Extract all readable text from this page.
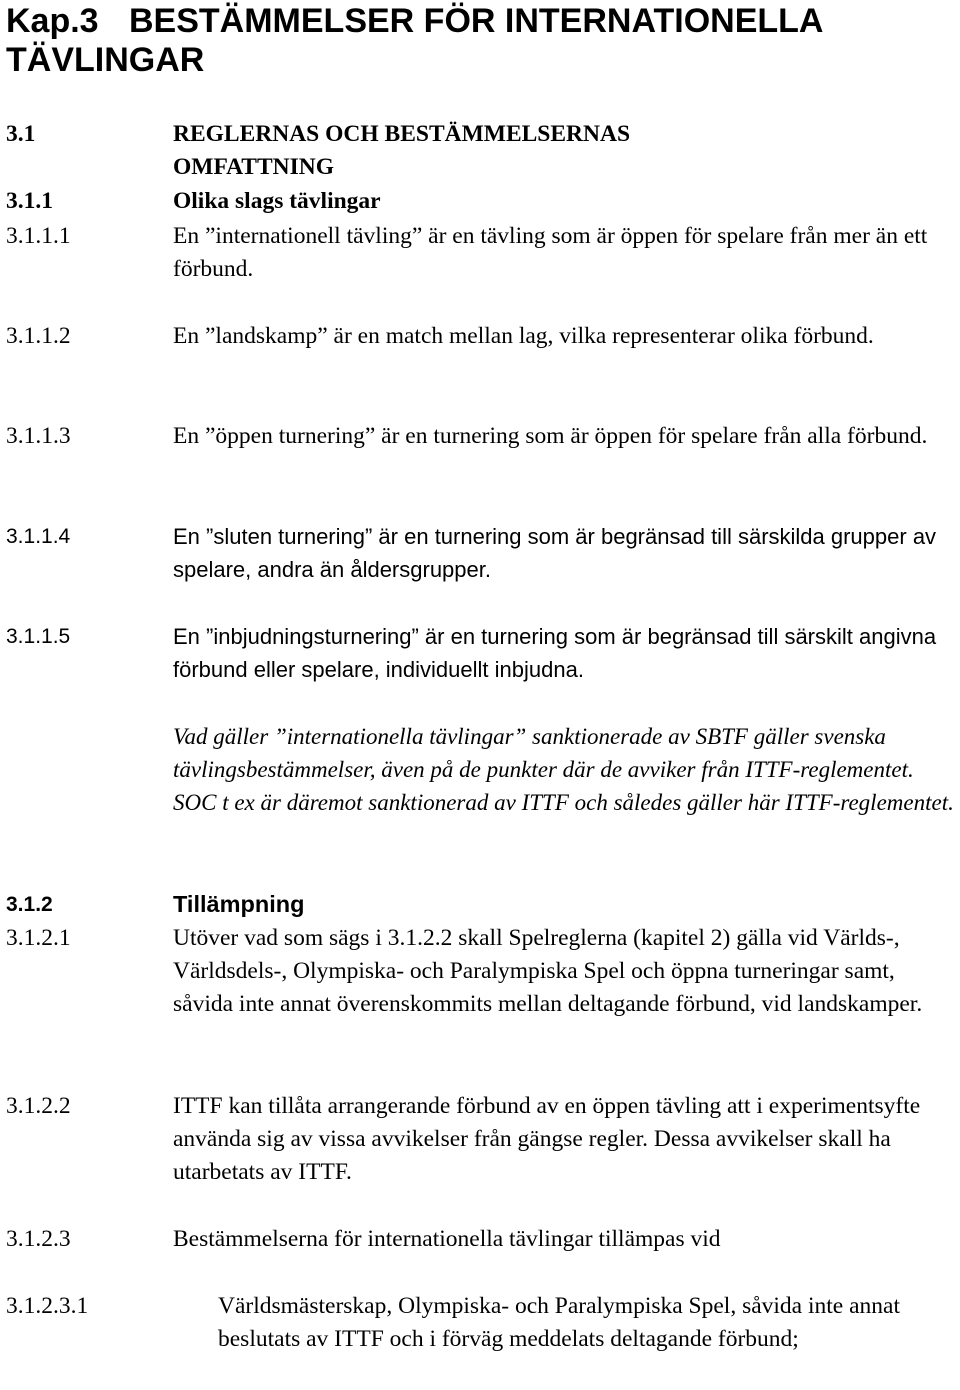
Kap.3 BESTÄMMELSER FÖR INTERNATIONELLA TÄVLINGAR
3.1	REGLERNAS OCH BESTÄMMELSERNAS OMFATTNING
3.1.1	Olika slags tävlingar
3.1.1.1	En ”internationell tävling” är en tävling som är öppen för spelare från mer än ett förbund.
3.1.1.2	En ”landskamp” är en match mellan lag, vilka representerar olika förbund.
3.1.1.3	En ”öppen turnering” är en turnering som är öppen för spelare från alla förbund.
3.1.1.4	En ”sluten turnering” är en turnering som är begränsad till särskilda grupper av spelare, andra än åldersgrupper.
3.1.1.5	En ”inbjudningsturnering” är en turnering som är begränsad till särskilt angivna förbund eller spelare, individuellt inbjudna.

Vad gäller ”internationella tävlingar” sanktionerade av SBTF gäller svenska tävlingsbestämmelser, även på de punkter där de avviker från ITTF-reglementet. SOC t ex är däremot sanktionerad av ITTF och således gäller här ITTF-reglementet.

3.1.2	Tillämpning
3.1.2.1	Utöver vad som sägs i 3.1.2.2 skall Spelreglerna (kapitel 2) gälla vid Världs-, Världsdels-, Olympiska- och Paralympiska Spel och öppna turneringar samt, såvida inte annat överenskommits mellan deltagande förbund, vid landskamper.
3.1.2.2	ITTF kan tillåta arrangerande förbund av en öppen tävling att i experimentsyfte använda sig av vissa avvikelser från gängse regler. Dessa avvikelser skall ha utarbetats av ITTF.
3.1.2.3	Bestämmelserna för internationella tävlingar tillämpas vid
3.1.2.3.1	Världsmästerskap, Olympiska- och Paralympiska Spel, såvida inte annat beslutats av ITTF och i förväg meddelats deltagande förbund;
